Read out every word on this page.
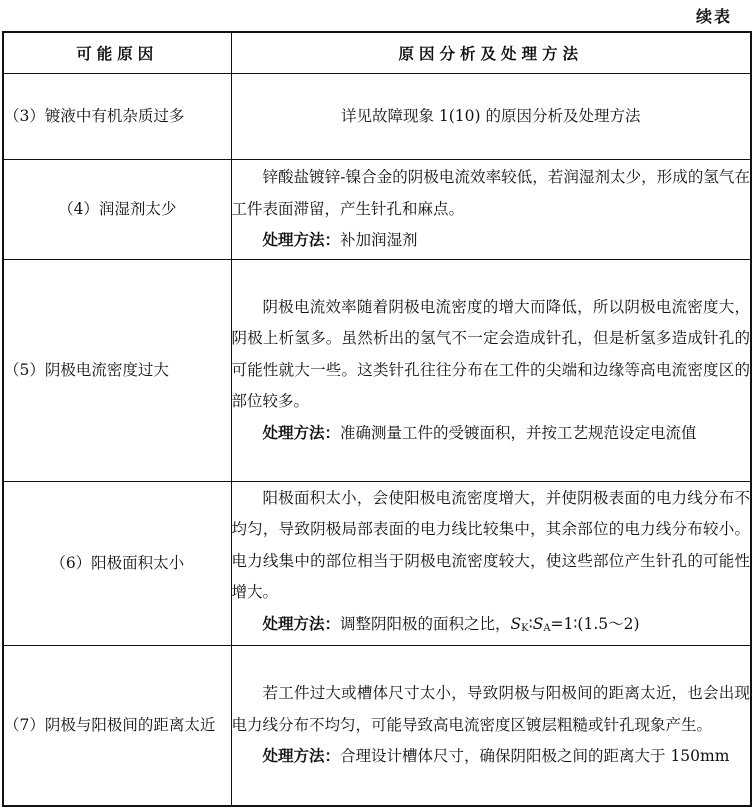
续表
可能原因	原因分析及处理方法
（3）镀液中有机杂质过多	详见故障现象 1(10) 的原因分析及处理方法
（4）润湿剂太少	锌酸盐镀锌-镍合金的阴极电流效率较低，若润湿剂太少，形成的氢气在工件表面滞留，产生针孔和麻点。

处理方法：补加润湿剂

（5）阴极电流密度过大	阴极电流效率随着阴极电流密度的增大而降低，所以阴极电流密度大，阴极上析氢多。虽然析出的氢气不一定会造成针孔，但是析氢多造成针孔的可能性就大一些。这类针孔往往分布在工件的尖端和边缘等高电流密度区的部位较多。

处理方法：准确测量工件的受镀面积，并按工艺规范设定电流值

（6）阳极面积太小	阳极面积太小，会使阳极电流密度增大，并使阴极表面的电力线分布不均匀，导致阴极局部表面的电力线比较集中，其余部位的电力线分布较小。电力线集中的部位相当于阴极电流密度较大，使这些部位产生针孔的可能性增大。

处理方法：调整阴阳极的面积之比，$S_K∶S_A=1∶(1.5\sim 2)$

（7）阴极与阳极间的距离太近	若工件过大或槽体尺寸太小，导致阴极与阳极间的距离太近，也会出现电力线分布不均匀，可能导致高电流密度区镀层粗糙或针孔现象产生。

处理方法：合理设计槽体尺寸，确保阴阳极之间的距离大于 150mm
